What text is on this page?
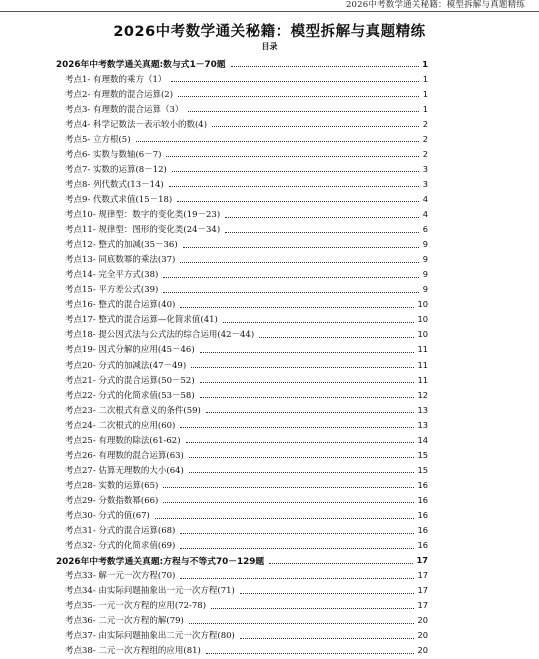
2026中考数学通关秘籍：模型拆解与真题精练
2026中考数学通关秘籍：模型拆解与真题精练
目录
2026年中考数学通关真题:数与式1－70题	1
考点1- 有理数的乘方（1）	1
考点2- 有理数的混合运算(2)	1
考点3- 有理数的混合运算（3）	1
考点4- 科学记数法－表示较小的数(4)	2
考点5- 立方根(5)	2
考点6- 实数与数轴(6－7)	2
考点7- 实数的运算(8－12)	3
考点8- 列代数式(13－14)	3
考点9- 代数式求值(15－18)	4
考点10- 规律型：数字的变化类(19－23)	4
考点11- 规律型：图形的变化类(24－34)	6
考点12- 整式的加减(35－36)	9
考点13- 同底数幂的乘法(37)	9
考点14- 完全平方式(38)	9
考点15- 平方差公式(39)	9
考点16- 整式的混合运算(40)	10
考点17- 整式的混合运算—化简求值(41)	10
考点18- 提公因式法与公式法的综合运用(42－44)	10
考点19- 因式分解的应用(45－46)	11
考点20- 分式的加减法(47－49)	11
考点21- 分式的混合运算(50－52)	11
考点22- 分式的化简求值(53－58)	12
考点23- 二次根式有意义的条件(59)	13
考点24- 二次根式的应用(60)	13
考点25- 有理数的除法(61-62)	14
考点26- 有理数的混合运算(63)	15
考点27- 估算无理数的大小(64)	15
考点28- 实数的运算(65)	16
考点29- 分数指数幂(66)	16
考点30- 分式的值(67)	16
考点31- 分式的混合运算(68)	16
考点32- 分式的化简求值(69)	16
2026年中考数学通关真题:方程与不等式70－129题	17
考点33- 解一元一次方程(70)	17
考点34- 由实际问题抽象出一元一次方程(71)	17
考点35- 一元一次方程的应用(72-78)	17
考点36- 二元一次方程的解(79)	20
考点37- 由实际问题抽象出二元一次方程(80)	20
考点38- 二元一次方程组的应用(81)	20
